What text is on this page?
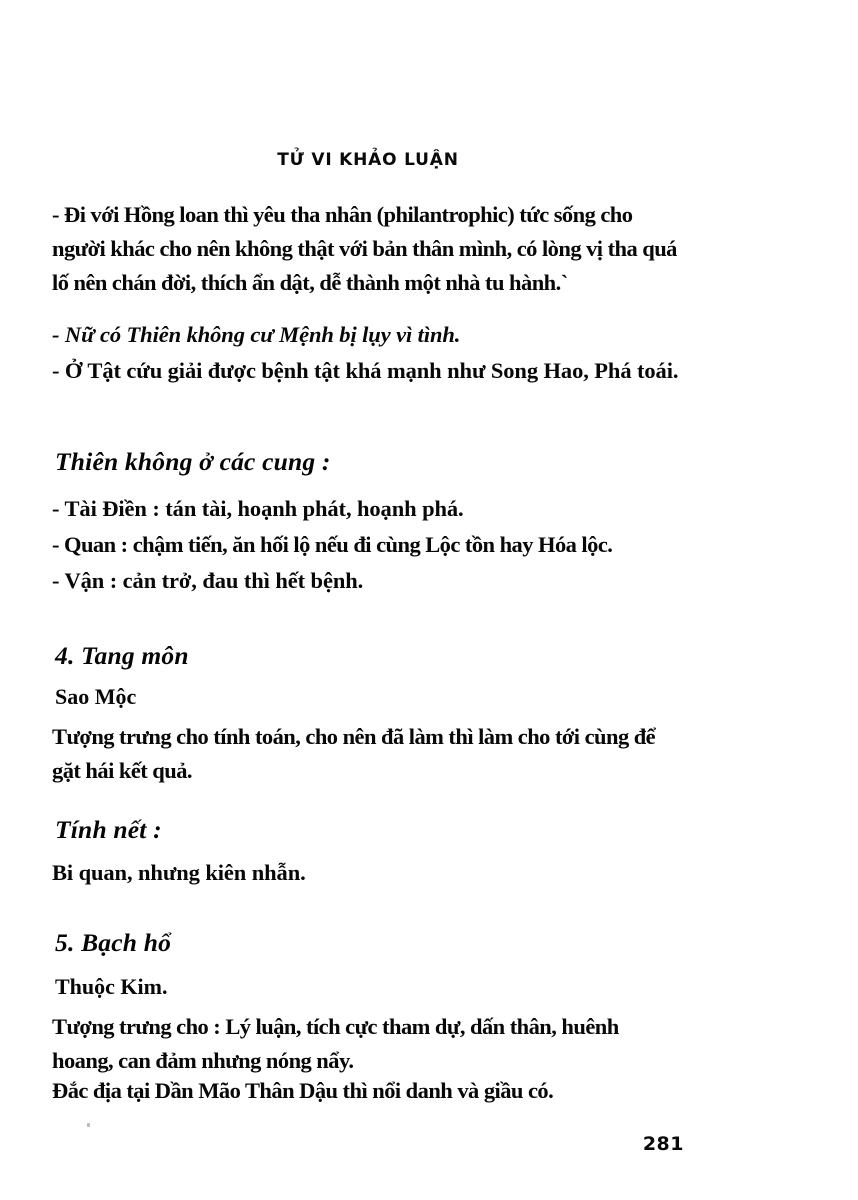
TỬ VI KHẢO LUẬN
- Đi với Hồng loan thì yêu tha nhân (philantrophic) tức sống cho người khác cho nên không thật với bản thân mình, có lòng vị tha quá lố nên chán đời, thích ẩn dật, dễ thành một nhà tu hành.`
- Nữ có Thiên không cư Mệnh bị lụy vì tình.
- Ở Tật cứu giải được bệnh tật khá mạnh như Song Hao, Phá toái.
Thiên không ở các cung :
- Tài Điền : tán tài, hoạnh phát, hoạnh phá.
- Quan : chậm tiến, ăn hối lộ nếu đi cùng Lộc tồn hay Hóa lộc.
- Vận : cản trở, đau thì hết bệnh.
4. Tang môn
Sao Mộc
Tượng trưng cho tính toán, cho nên đã làm thì làm cho tới cùng để gặt hái kết quả.
Tính nết :
Bi quan, nhưng kiên nhẫn.
5. Bạch hổ
Thuộc Kim.
Tượng trưng cho : Lý luận, tích cực tham dự, dấn thân, huênh hoang, can đảm nhưng nóng nẩy.
Đắc địa tại Dần Mão Thân Dậu thì nổi danh và giầu có.
281
